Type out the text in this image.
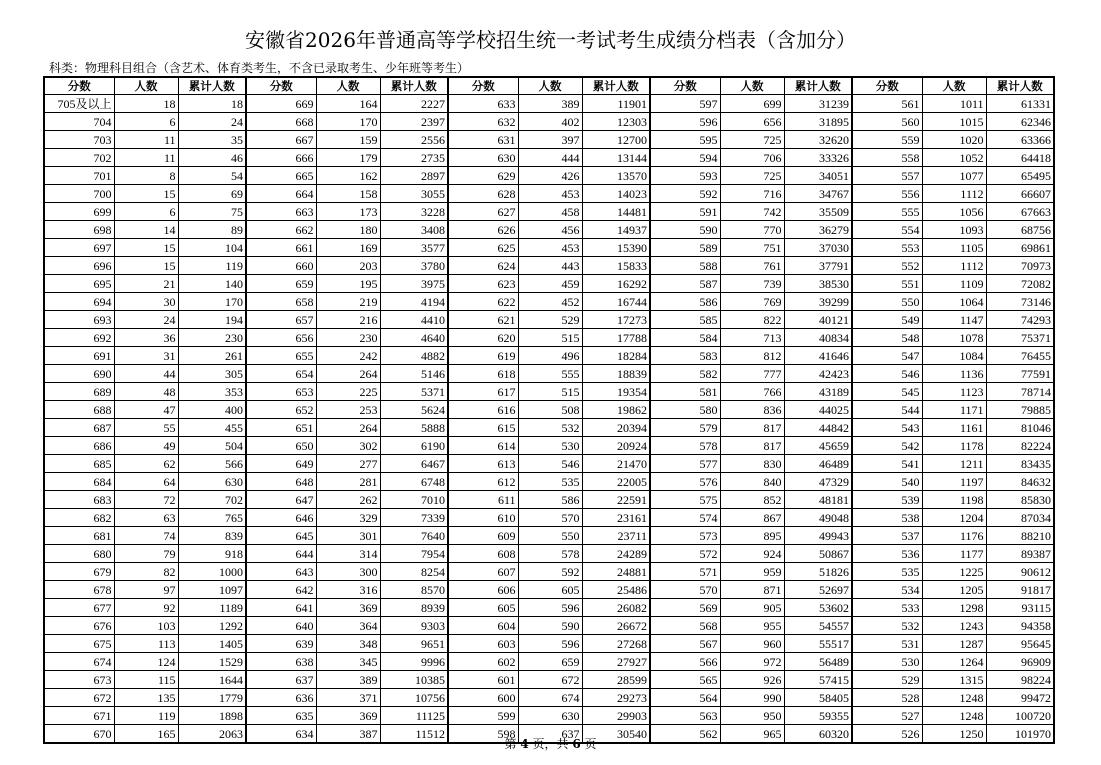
安徽省2026年普通高等学校招生统一考试考生成绩分档表（含加分）
科类：物理科目组合（含艺术、体育类考生，不含已录取考生、少年班等考生）
分数	人数	累计人数	分数	人数	累计人数	分数	人数	累计人数	分数	人数	累计人数	分数	人数	累计人数
705及以上	18	18	669	164	2227	633	389	11901	597	699	31239	561	1011	61331
704	6	24	668	170	2397	632	402	12303	596	656	31895	560	1015	62346
703	11	35	667	159	2556	631	397	12700	595	725	32620	559	1020	63366
702	11	46	666	179	2735	630	444	13144	594	706	33326	558	1052	64418
701	8	54	665	162	2897	629	426	13570	593	725	34051	557	1077	65495
700	15	69	664	158	3055	628	453	14023	592	716	34767	556	1112	66607
699	6	75	663	173	3228	627	458	14481	591	742	35509	555	1056	67663
698	14	89	662	180	3408	626	456	14937	590	770	36279	554	1093	68756
697	15	104	661	169	3577	625	453	15390	589	751	37030	553	1105	69861
696	15	119	660	203	3780	624	443	15833	588	761	37791	552	1112	70973
695	21	140	659	195	3975	623	459	16292	587	739	38530	551	1109	72082
694	30	170	658	219	4194	622	452	16744	586	769	39299	550	1064	73146
693	24	194	657	216	4410	621	529	17273	585	822	40121	549	1147	74293
692	36	230	656	230	4640	620	515	17788	584	713	40834	548	1078	75371
691	31	261	655	242	4882	619	496	18284	583	812	41646	547	1084	76455
690	44	305	654	264	5146	618	555	18839	582	777	42423	546	1136	77591
689	48	353	653	225	5371	617	515	19354	581	766	43189	545	1123	78714
688	47	400	652	253	5624	616	508	19862	580	836	44025	544	1171	79885
687	55	455	651	264	5888	615	532	20394	579	817	44842	543	1161	81046
686	49	504	650	302	6190	614	530	20924	578	817	45659	542	1178	82224
685	62	566	649	277	6467	613	546	21470	577	830	46489	541	1211	83435
684	64	630	648	281	6748	612	535	22005	576	840	47329	540	1197	84632
683	72	702	647	262	7010	611	586	22591	575	852	48181	539	1198	85830
682	63	765	646	329	7339	610	570	23161	574	867	49048	538	1204	87034
681	74	839	645	301	7640	609	550	23711	573	895	49943	537	1176	88210
680	79	918	644	314	7954	608	578	24289	572	924	50867	536	1177	89387
679	82	1000	643	300	8254	607	592	24881	571	959	51826	535	1225	90612
678	97	1097	642	316	8570	606	605	25486	570	871	52697	534	1205	91817
677	92	1189	641	369	8939	605	596	26082	569	905	53602	533	1298	93115
676	103	1292	640	364	9303	604	590	26672	568	955	54557	532	1243	94358
675	113	1405	639	348	9651	603	596	27268	567	960	55517	531	1287	95645
674	124	1529	638	345	9996	602	659	27927	566	972	56489	530	1264	96909
673	115	1644	637	389	10385	601	672	28599	565	926	57415	529	1315	98224
672	135	1779	636	371	10756	600	674	29273	564	990	58405	528	1248	99472
671	119	1898	635	369	11125	599	630	29903	563	950	59355	527	1248	100720
670	165	2063	634	387	11512	598	637	30540	562	965	60320	526	1250	101970
第 4 页，共 6 页
